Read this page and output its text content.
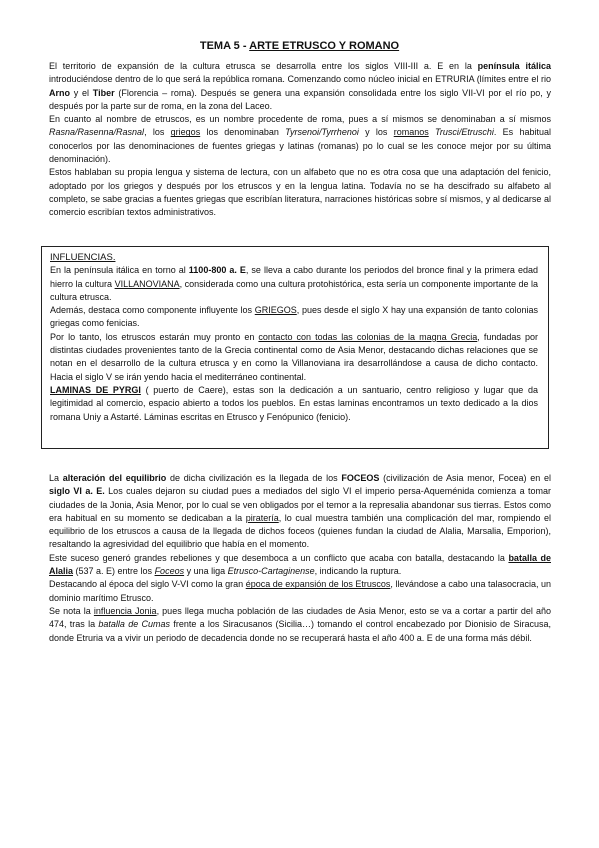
TEMA 5 - ARTE ETRUSCO Y ROMANO

El territorio de expansión de la cultura etrusca se desarrolla entre los siglos VIII-III a. E en la península itálica introduciéndose dentro de lo que será la república romana. Comenzando como núcleo inicial en ETRURIA (límites entre el rio Arno y el Tiber (Florencia – roma). Después se genera una expansión consolidada entre los siglo VII-VI por el río po, y después por la parte sur de roma, en la zona del Laceo.

En cuanto al nombre de etruscos, es un nombre procedente de roma, pues a sí mismos se denominaban a sí mismos Rasna/Rasenna/Rasnal, los griegos los denominaban Tyrsenoi/Tyrrhenoi y los romanos Trusci/Etruschi. Es habitual conocerlos por las denominaciones de fuentes griegas y latinas (romanas) po lo cual se les conoce mejor por su última denominación).

Estos hablaban su propia lengua y sistema de lectura, con un alfabeto que no es otra cosa que una adaptación del fenicio, adoptado por los griegos y después por los etruscos y en la lengua latina. Todavía no se ha descifrado su alfabeto al completo, se sabe gracias a fuentes griegas que escribían literatura, narraciones históricas sobre sí mismos, y al dedicarse al comercio escribían textos administrativos.

INFLUENCIAS.

En la península itálica en torno al 1100-800 a. E, se lleva a cabo durante los periodos del bronce final y la primera edad hierro la cultura VILLANOVIANA, considerada como una cultura protohistórica, esta sería un componente importante de la cultura etrusca.

Además, destaca como componente influyente los GRIEGOS, pues desde el siglo X hay una expansión de tanto colonias griegas como fenicias.

Por lo tanto, los etruscos estarán muy pronto en contacto con todas las colonias de la magna Grecia, fundadas por distintas ciudades provenientes tanto de la Grecia continental como de Asia Menor, destacando dichas relaciones que se notan en el desarrollo de la cultura etrusca y en como la Villanoviana ira desarrollándose a causa de dicho contacto. Hacia el siglo V se irán yendo hacia el mediterráneo continental.

LAMINAS DE PYRGI ( puerto de Caere), estas son la dedicación a un santuario, centro religioso y lugar que da legitimidad al comercio, espacio abierto a todos los pueblos. En estas laminas encontramos un texto dedicado a la dios romana Uniy a Astarté. Láminas escritas en Etrusco y Fenópunico (fenicio).

La alteración del equilibrio de dicha civilización es la llegada de los FOCEOS (civilización de Asia menor, Focea) en el siglo VI a. E. Los cuales dejaron su ciudad pues a mediados del siglo VI el imperio persa-Aqueménida comienza a tomar ciudades de la Jonia, Asia Menor, por lo cual se ven obligados por el temor a la represalia abandonar sus tierras. Estos como era habitual en su momento se dedicaban a la piratería, lo cual muestra también una complicación del mar, rompiendo el equilibrio de los etruscos a causa de la llegada de dichos foceos (quienes fundan la ciudad de Alalia, Marsalia, Emporion), resaltando la agresividad del equilibrio que había en el momento.

Este suceso generó grandes rebeliones y que desemboca a un conflicto que acaba con batalla, destacando la batalla de Alalia (537 a. E) entre los Foceos y una liga Etrusco-Cartaginense, indicando la ruptura.

Destacando al época del siglo V-VI como la gran época de expansión de los Etruscos, llevándose a cabo una talasocracia, un dominio marítimo Etrusco.

Se nota la influencia Jonia, pues llega mucha población de las ciudades de Asia Menor, esto se va a cortar a partir del año 474, tras la batalla de Cumas frente a los Siracusanos (Sicilia…) tomando el control encabezado por Dionisio de Siracusa, donde Etruria va a vivir un periodo de decadencia donde no se recuperará hasta el año 400 a. E de una forma más débil.
